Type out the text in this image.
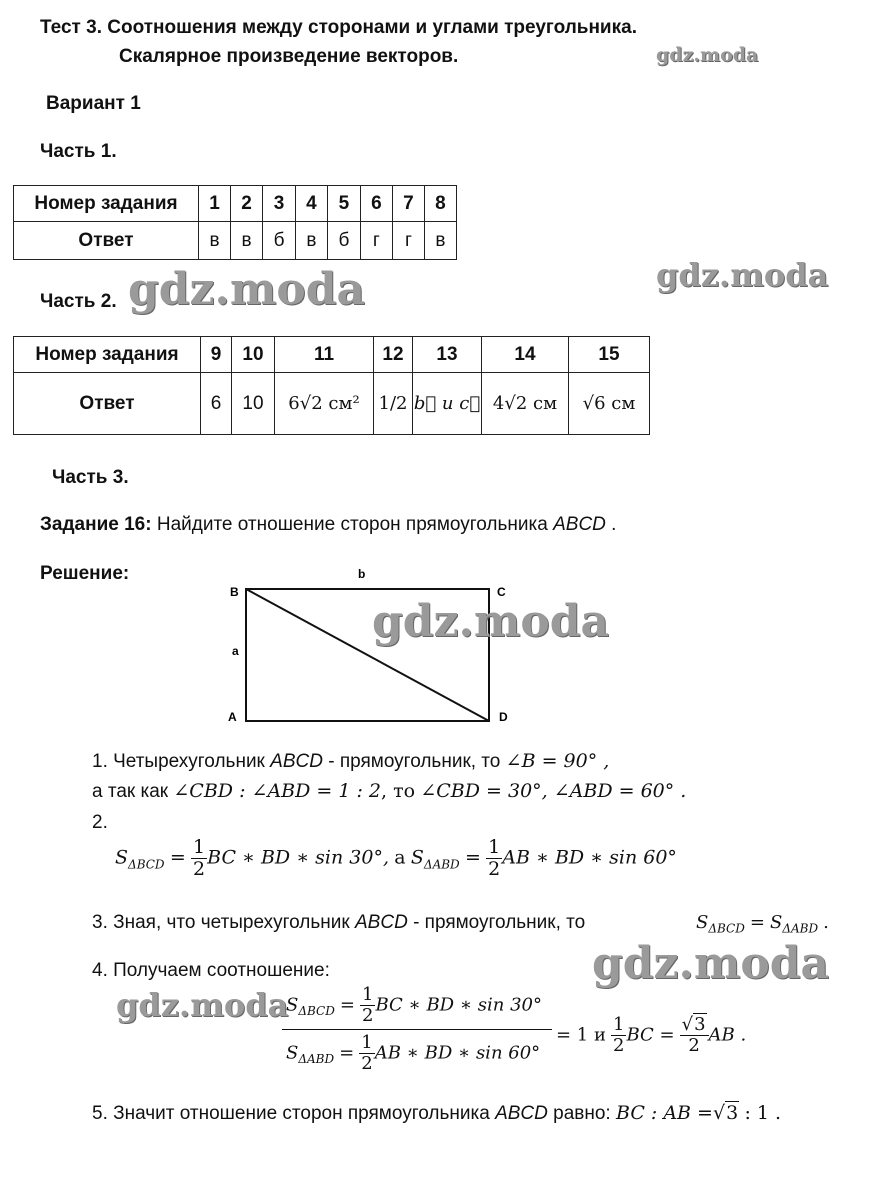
Тест 3. Соотношения между сторонами и углами треугольника.
Скалярное произведение векторов.	gdz.moda
Вариант 1
Часть 1.
Номер задания	1	2	3	4	5	6	7	8
Ответ	в	в	б	в	б	г	г	в
Часть 2. gdz.moda	gdz.moda
Номер задания	9	10	11	12	13	14	15
Ответ	6	10	6√2 см²	1/2	b⃗ и c⃗	4√2 см	√6 см
Часть 3.
Задание 16: Найдите отношение сторон прямоугольника ABCD .
Решение:
B	C
A	D
a
b
gdz.moda
1. Четырехугольник ABCD - прямоугольник, то ∠B = 90° ,
а так как ∠CBD : ∠ABD = 1 : 2, то ∠CBD = 30°, ∠ABD = 60° .
2.
$S_{\Delta BCD} = \frac{1}{2}$ BC ∗ BD ∗ sin 30°, а $S_{\Delta ABD} = \frac{1}{2}$ AB ∗ BD ∗ sin 60°
3. Зная, что четырехугольник ABCD - прямоугольник, то	$S_{\Delta BCD} = S_{\Delta ABD}$ .
4. Получаем соотношение:	gdz.moda
gdz.moda
$S_{\Delta BCD} = \frac{1}{2}$ BC ∗ BD ∗ sin 30°
$S_{\Delta ABD} = \frac{1}{2}$ AB ∗ BD ∗ sin 60°
= 1 и $\frac{1}{2}$ BC = $\frac{√3}{2}$ AB .
5. Значит отношение сторон прямоугольника ABCD равно: BC : AB =√3 : 1 .
